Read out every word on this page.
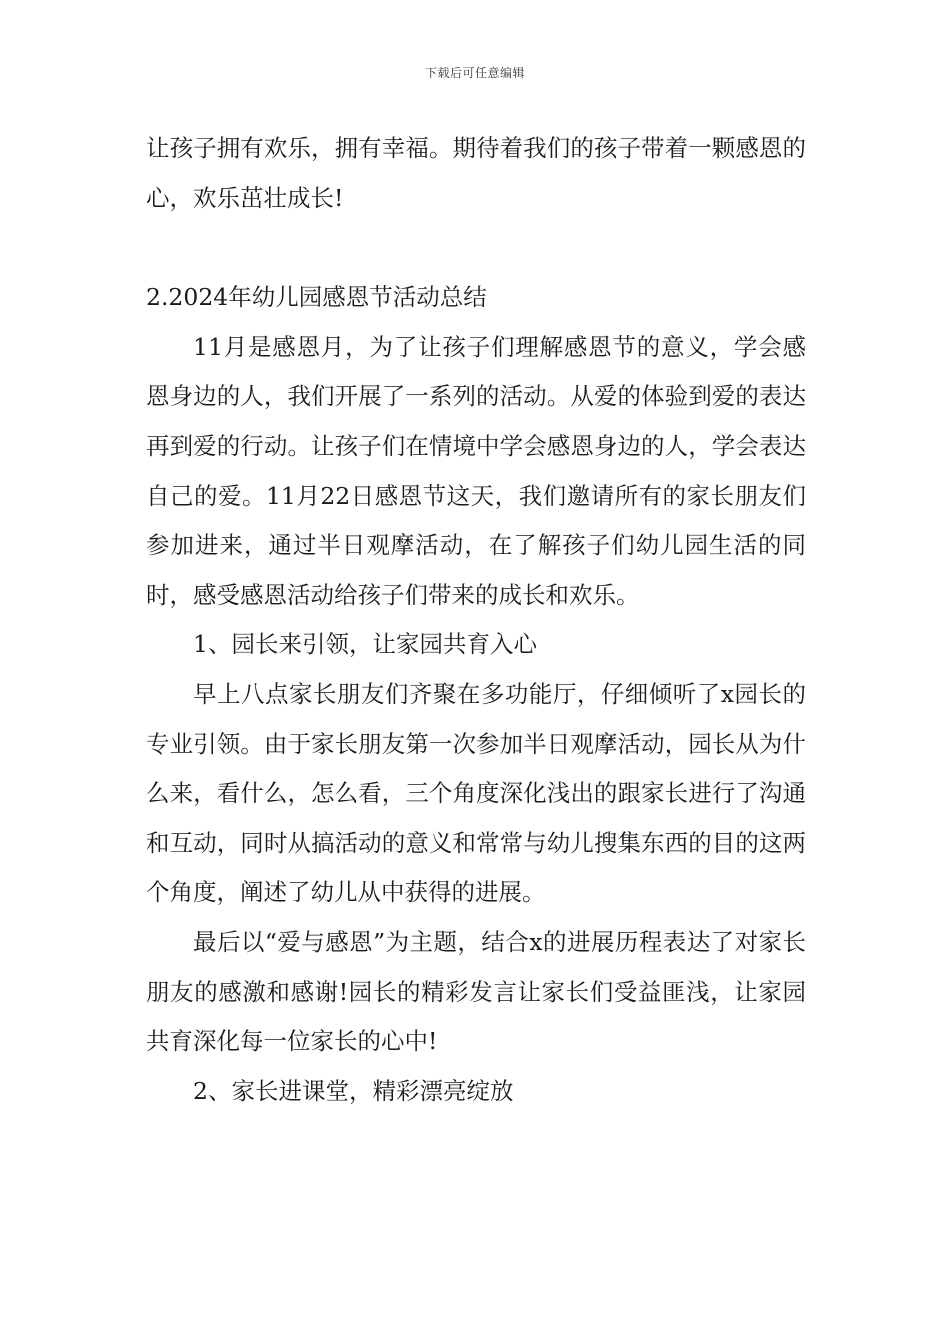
下载后可任意编辑

让孩子拥有欢乐，拥有幸福。期待着我们的孩子带着一颗感恩的心，欢乐茁壮成长!

2.2024年幼儿园感恩节活动总结

11月是感恩月，为了让孩子们理解感恩节的意义，学会感恩身边的人，我们开展了一系列的活动。从爱的体验到爱的表达再到爱的行动。让孩子们在情境中学会感恩身边的人，学会表达自己的爱。11月22日感恩节这天，我们邀请所有的家长朋友们参加进来，通过半日观摩活动，在了解孩子们幼儿园生活的同时，感受感恩活动给孩子们带来的成长和欢乐。

1、园长来引领，让家园共育入心

早上八点家长朋友们齐聚在多功能厅，仔细倾听了x园长的专业引领。由于家长朋友第一次参加半日观摩活动，园长从为什么来，看什么，怎么看，三个角度深化浅出的跟家长进行了沟通和互动，同时从搞活动的意义和常常与幼儿搜集东西的目的这两个角度，阐述了幼儿从中获得的进展。

最后以“爱与感恩”为主题，结合x的进展历程表达了对家长朋友的感激和感谢!园长的精彩发言让家长们受益匪浅，让家园共育深化每一位家长的心中!

2、家长进课堂，精彩漂亮绽放
